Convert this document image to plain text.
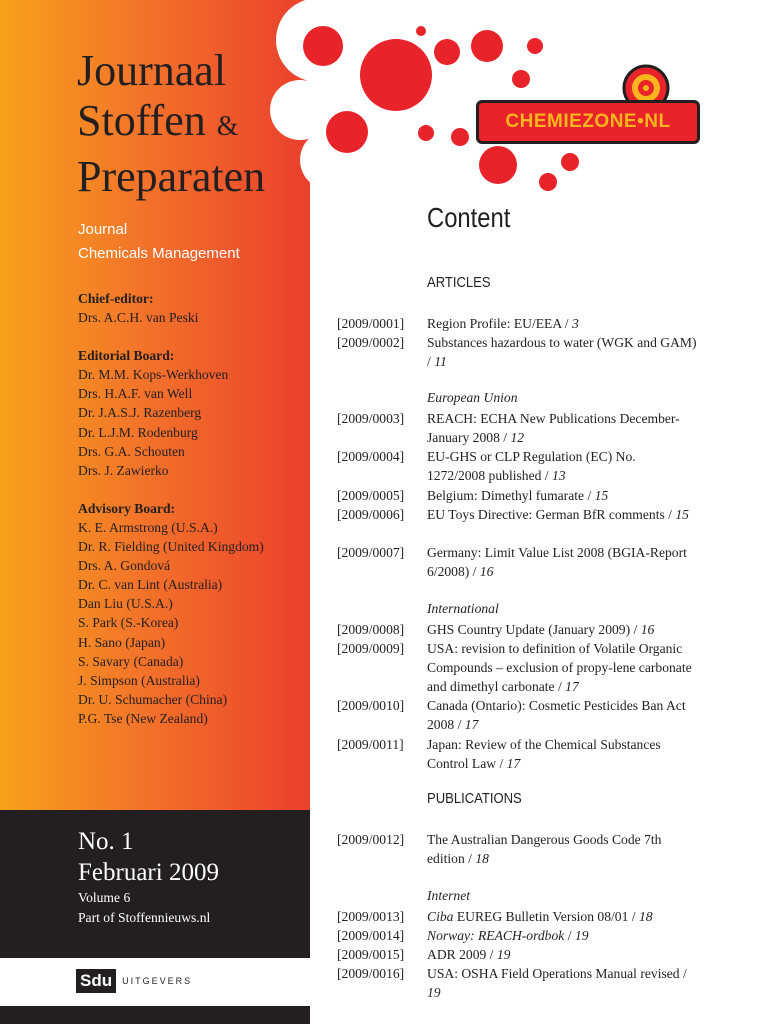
CHEMIEZONE•NL
Journaal
Stoffen &
Preparaten
Journal
Chemicals Management
Chief-editor:
Drs. A.C.H. van Peski
Editorial Board:
Dr. M.M. Kops-Werkhoven
Drs. H.A.F. van Well
Dr. J.A.S.J. Razenberg
Dr. L.J.M. Rodenburg
Drs. G.A. Schouten
Drs. J. Zawierko
Advisory Board:
K. E. Armstrong (U.S.A.)
Dr. R. Fielding (United Kingdom)
Drs. A. Gondová
Dr. C. van Lint (Australia)
Dan Liu (U.S.A.)
S. Park (S.-Korea)
H. Sano (Japan)
S. Savary (Canada)
J. Simpson (Australia)
Dr. U. Schumacher (China)
P.G. Tse (New Zealand)
No. 1
Februari 2009
Volume 6
Part of Stoffennieuws.nl
Sdu	UITGEVERS
Content
ARTICLES
[2009/0001] Region Profile: EU/EEA / 3
[2009/0002] Substances hazardous to water (WGK and GAM) / 11
European Union
[2009/0003] REACH: ECHA New Publications December-January 2008 / 12
[2009/0004] EU-GHS or CLP Regulation (EC) No. 1272/2008 published / 13
[2009/0005] Belgium: Dimethyl fumarate / 15
[2009/0006] EU Toys Directive: German BfR comments / 15
[2009/0007] Germany: Limit Value List 2008 (BGIA-Report 6/2008) / 16
International
[2009/0008] GHS Country Update (January 2009) / 16
[2009/0009] USA: revision to definition of Volatile Organic Compounds – exclusion of propy-lene carbonate and dimethyl carbonate / 17
[2009/0010] Canada (Ontario): Cosmetic Pesticides Ban Act 2008 / 17
[2009/0011] Japan: Review of the Chemical Substances Control Law / 17
PUBLICATIONS
[2009/0012] The Australian Dangerous Goods Code 7th edition / 18
Internet
[2009/0013] Ciba EUREG Bulletin Version 08/01 / 18
[2009/0014] Norway: REACH-ordbok / 19
[2009/0015] ADR 2009 / 19
[2009/0016] USA: OSHA Field Operations Manual revised / 19
